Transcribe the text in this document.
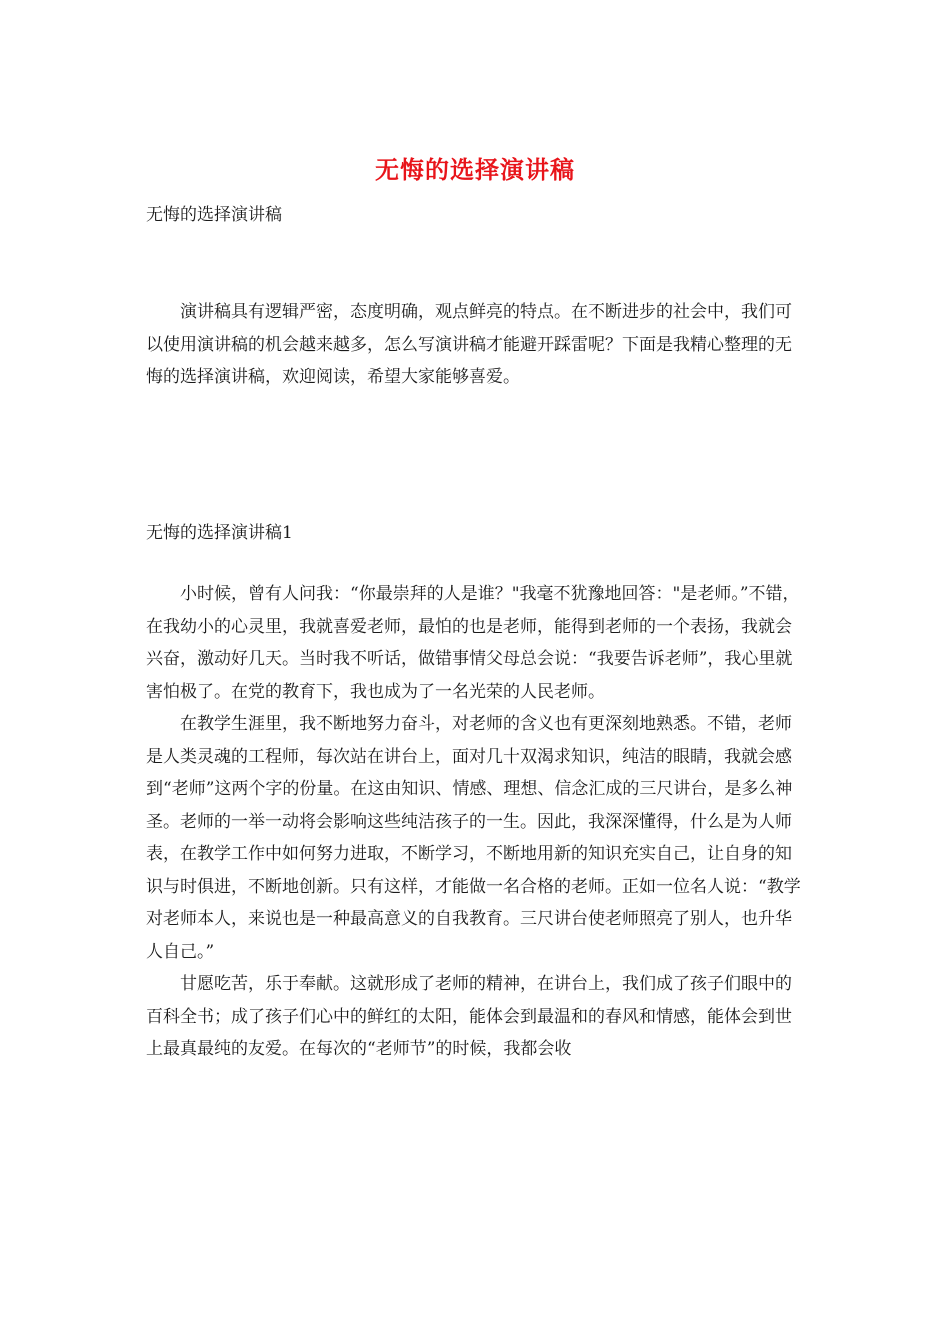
无悔的选择演讲稿

无悔的选择演讲稿

演讲稿具有逻辑严密，态度明确，观点鲜亮的特点。在不断进步的社会中，我们可以使用演讲稿的机会越来越多，怎么写演讲稿才能避开踩雷呢？下面是我精心整理的无悔的选择演讲稿，欢迎阅读，希望大家能够喜爱。

无悔的选择演讲稿1

小时候，曾有人问我：“你最崇拜的人是谁？"我毫不犹豫地回答："是老师。”不错，在我幼小的心灵里，我就喜爱老师，最怕的也是老师，能得到老师的一个表扬，我就会兴奋，激动好几天。当时我不听话，做错事情父母总会说：“我要告诉老师”，我心里就害怕极了。在党的教育下，我也成为了一名光荣的人民老师。

在教学生涯里，我不断地努力奋斗，对老师的含义也有更深刻地熟悉。不错，老师是人类灵魂的工程师，每次站在讲台上，面对几十双渴求知识，纯洁的眼睛，我就会感到“老师”这两个字的份量。在这由知识、情感、理想、信念汇成的三尺讲台，是多么神圣。老师的一举一动将会影响这些纯洁孩子的一生。因此，我深深懂得，什么是为人师表，在教学工作中如何努力进取，不断学习，不断地用新的知识充实自己，让自身的知识与时俱进，不断地创新。只有这样，才能做一名合格的老师。正如一位名人说：“教学对老师本人，来说也是一种最高意义的自我教育。三尺讲台使老师照亮了别人，也升华人自己。”

甘愿吃苦，乐于奉献。这就形成了老师的精神，在讲台上，我们成了孩子们眼中的百科全书；成了孩子们心中的鲜红的太阳，能体会到最温和的春风和情感，能体会到世上最真最纯的友爱。在每次的“老师节”的时候，我都会收
